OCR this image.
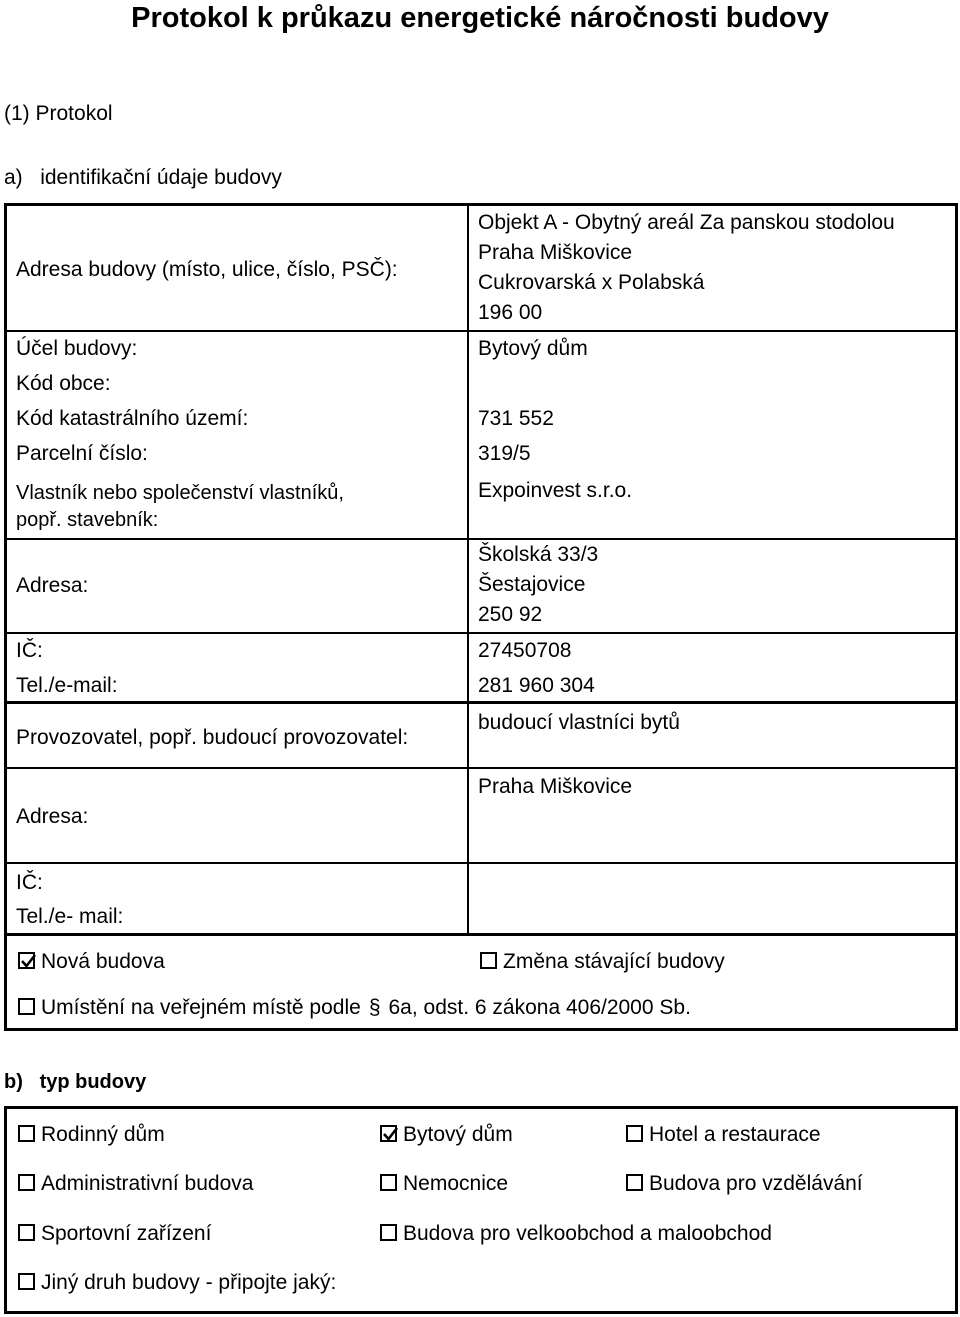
Protokol k průkazu energetické náročnosti budovy
(1) Protokol
a) identifikační údaje budovy
Adresa budovy (místo, ulice, číslo, PSČ):
Objekt A - Obytný areál Za panskou stodolou
Praha Miškovice
Cukrovarská x Polabská
196 00
Účel budovy:	Bytový dům
Kód obce:
Kód katastrálního území:	731 552
Parcelní číslo:	319/5
Vlastník nebo společenství vlastníků,
popř. stavebník:
Expoinvest s.r.o.
Adresa:
Školská 33/3
Šestajovice
250 92
IČ:	27450708
Tel./e-mail:	281 960 304
Provozovatel, popř. budoucí provozovatel:
budoucí vlastníci bytů
Adresa:
Praha Miškovice
IČ:
Tel./e- mail:
Nová budova	Změna stávající budovy
Umístění na veřejném místě podle § 6a, odst. 6 zákona 406/2000 Sb.
b) typ budovy
Rodinný dům	Bytový dům	Hotel a restaurace
Administrativní budova	Nemocnice	Budova pro vzdělávání
Sportovní zařízení	Budova pro velkoobchod a maloobchod
Jiný druh budovy - připojte jaký:
